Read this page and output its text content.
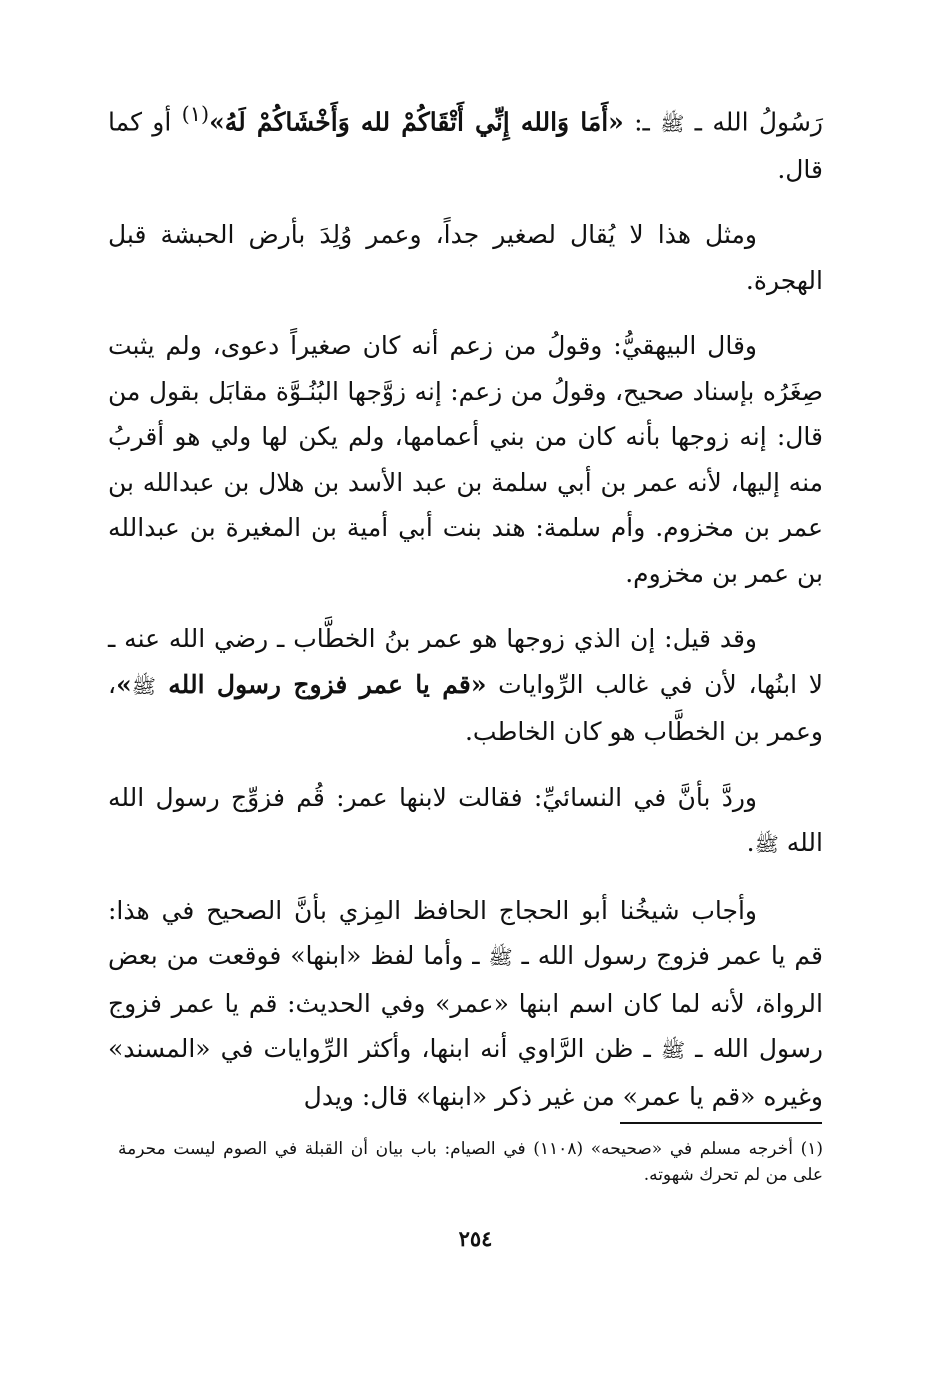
رَسُولُ الله ـ ﷺ ـ: «أَمَا وَالله إِنِّي أَتْقَاكُمْ لله وَأَخْشَاكُمْ لَهُ»$^{(١)}$ أو كما قال.

ومثل هذا لا يُقال لصغير جداً، وعمر وُلِدَ بأرض الحبشة قبل الهجرة.

وقال البيهقيُّ: وقولُ من زعم أنه كان صغيراً دعوى، ولم يثبت صِغَرُه بإسناد صحيح، وقولُ من زعم: إنه زوَّجها البُنُـوَّة مقابَل بقول من قال: إنه زوجها بأنه كان من بني أعمامها، ولم يكن لها ولي هو أقربُ منه إليها، لأنه عمر بن أبي سلمة بن عبد الأسد بن هلال بن عبدالله بن عمر بن مخزوم. وأم سلمة: هند بنت أبي أمية بن المغيرة بن عبدالله بن عمر بن مخزوم.

وقد قيل: إن الذي زوجها هو عمر بنُ الخطَّاب ـ رضي الله عنه ـ لا ابنُها، لأن في غالب الرِّوايات «قم يا عمر فزوج رسول الله ﷺ»، وعمر بن الخطَّاب هو كان الخاطب.

وردَّ بأنَّ في النسائيِّ: فقالت لابنها عمر: قُم فزوِّج رسول الله الله ﷺ.

وأجاب شيخُنا أبو الحجاج الحافظ المِزي بأنَّ الصحيح في هذا: قم يا عمر فزوج رسول الله ـ ﷺ ـ وأما لفظ «ابنها» فوقعت من بعض الرواة، لأنه لما كان اسم ابنها «عمر» وفي الحديث: قم يا عمر فزوج رسول الله ـ ﷺ ـ ظن الرَّاوي أنه ابنها، وأكثر الرِّوايات في «المسند» وغيره «قم يا عمر» من غير ذكر «ابنها» قال: ويدل

(١) أخرجه مسلم في «صحيحه» (١١٠٨) في الصيام: باب بيان أن القبلة في الصوم ليست محرمة على من لم تحرك شهوته.
٢٥٤
